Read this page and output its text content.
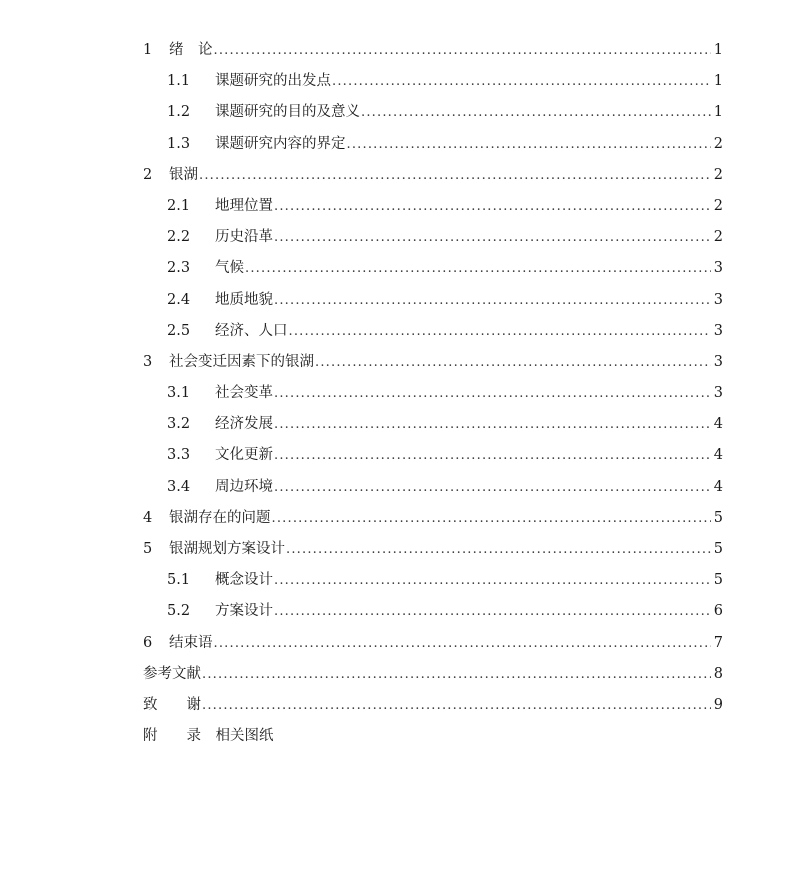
1	绪　论 .....	1
1.1	课题研究的出发点 .....	1
1.2	课题研究的目的及意义 .....	1
1.3	课题研究内容的界定 .....	2
2	银湖 .....	2
2.1	地理位置 .....	2
2.2	历史沿革 .....	2
2.3	气候 .....	3
2.4	地质地貌 .....	3
2.5	经济、人口 .....	3
3	社会变迁因素下的银湖 .....	3
3.1	社会变革 .....	3
3.2	经济发展 .....	4
3.3	文化更新 .....	4
3.4	周边环境 .....	4
4	银湖存在的问题 .....	5
5	银湖规划方案设计 .....	5
5.1	概念设计 .....	5
5.2	方案设计 .....	6
6	结束语 .....	7
参考文献 .....	8
致　　谢 .....	9
附　　录　相关图纸
